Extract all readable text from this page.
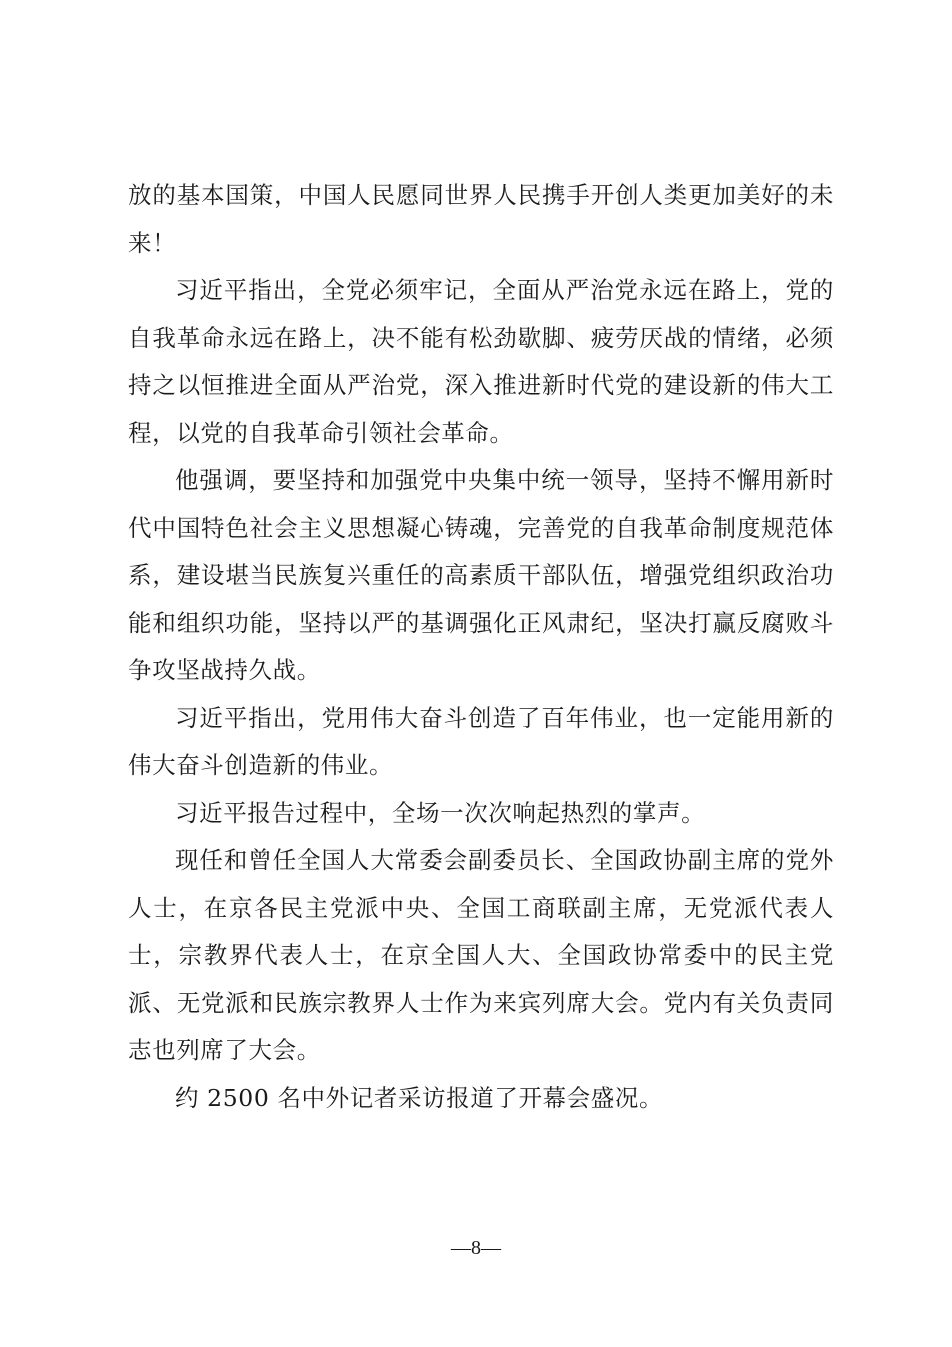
放的基本国策，中国人民愿同世界人民携手开创人类更加美好的未来！

习近平指出，全党必须牢记，全面从严治党永远在路上，党的自我革命永远在路上，决不能有松劲歇脚、疲劳厌战的情绪，必须持之以恒推进全面从严治党，深入推进新时代党的建设新的伟大工程，以党的自我革命引领社会革命。

他强调，要坚持和加强党中央集中统一领导，坚持不懈用新时代中国特色社会主义思想凝心铸魂，完善党的自我革命制度规范体系，建设堪当民族复兴重任的高素质干部队伍，增强党组织政治功能和组织功能，坚持以严的基调强化正风肃纪，坚决打赢反腐败斗争攻坚战持久战。

习近平指出，党用伟大奋斗创造了百年伟业，也一定能用新的伟大奋斗创造新的伟业。

习近平报告过程中，全场一次次响起热烈的掌声。

现任和曾任全国人大常委会副委员长、全国政协副主席的党外人士，在京各民主党派中央、全国工商联副主席，无党派代表人士，宗教界代表人士，在京全国人大、全国政协常委中的民主党派、无党派和民族宗教界人士作为来宾列席大会。党内有关负责同志也列席了大会。

约 2500 名中外记者采访报道了开幕会盛况。

—8—
